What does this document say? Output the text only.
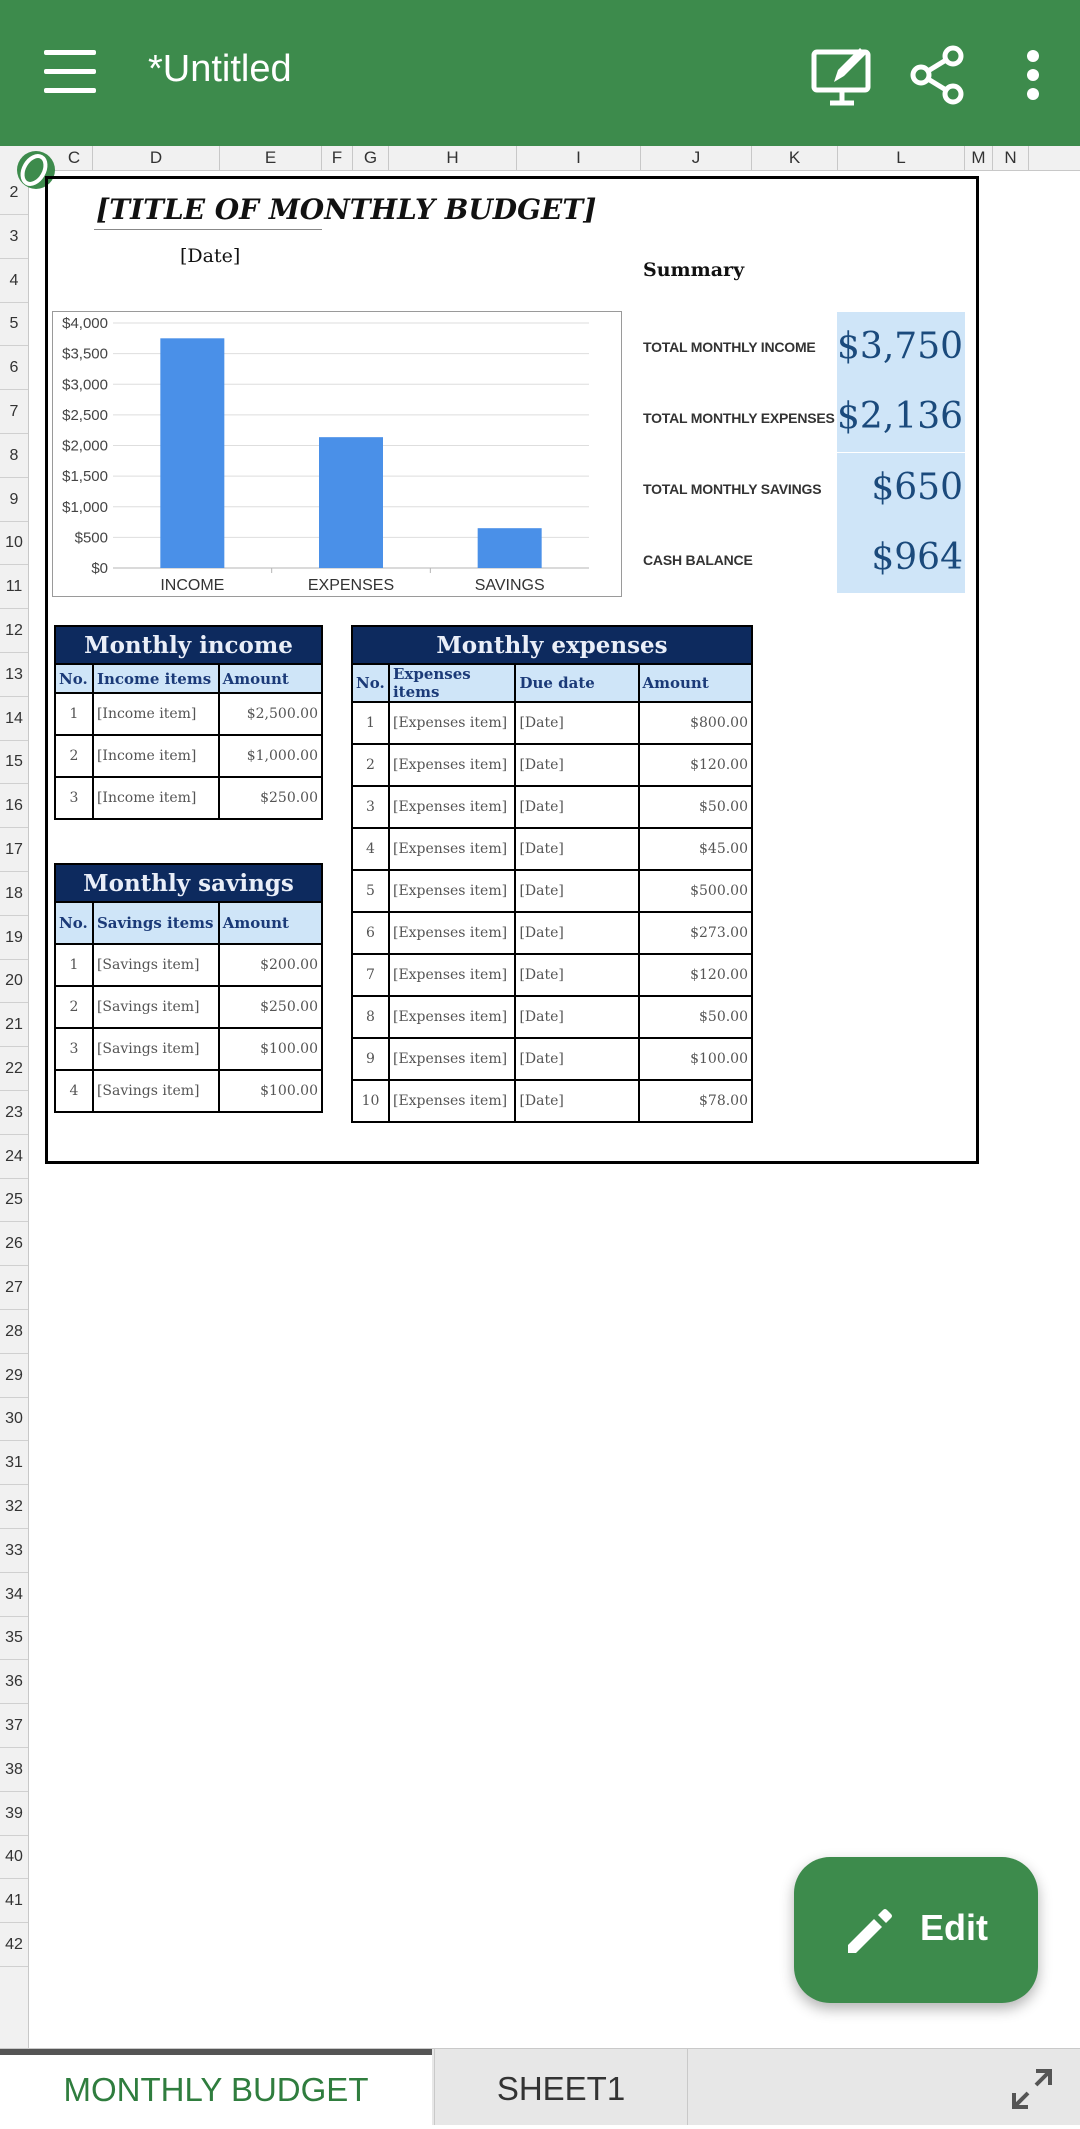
*Untitled
C	D	E	F	G	H	I	J	K	L	M	N
2
3
4
5
6
7
8
9
10
11
12
13
14
15
16
17
18
19
20
21
22
23
24
25
26
27
28
29
30
31
32
33
34
35
36
37
38
39
40
41
42
[TITLE OF MONTHLY BUDGET]
[Date]
Summary
TOTAL MONTHLY INCOME $3,750
TOTAL MONTHLY EXPENSES $2,136
TOTAL MONTHLY SAVINGS	$650
CASH BALANCE	$964
$0
$500
$1,000
$1,500
$2,000
$2,500
$3,000
$3,500
$4,000
INCOME	EXPENSES	SAVINGS
Monthly income		
No.	Income items	Amount
1	[Income item]	$2,500.00
2	[Income item]	$1,000.00
3	[Income item]	$250.00
Monthly savings		
No.	Savings items	Amount
1	[Savings item]	$200.00
2	[Savings item]	$250.00
3	[Savings item]	$100.00
4	[Savings item]	$100.00
Monthly expenses			
No.	Expenses items	Due date	Amount
1	[Expenses item]	[Date]	$800.00
2	[Expenses item]	[Date]	$120.00
3	[Expenses item]	[Date]	$50.00
4	[Expenses item]	[Date]	$45.00
5	[Expenses item]	[Date]	$500.00
6	[Expenses item]	[Date]	$273.00
7	[Expenses item]	[Date]	$120.00
8	[Expenses item]	[Date]	$50.00
9	[Expenses item]	[Date]	$100.00
10	[Expenses item]	[Date]	$78.00
Edit
MONTHLY BUDGET	SHEET1
